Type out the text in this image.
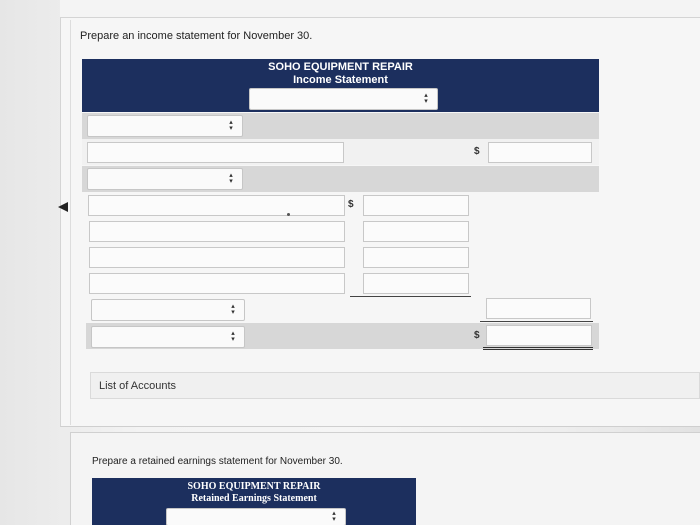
Prepare an income statement for November 30.
SOHO EQUIPMENT REPAIR
Income Statement
▴
▾
▴
▾
$
▴
▾
$
▴
▾
▴
▾	$
List of Accounts
Prepare a retained earnings statement for November 30.
SOHO EQUIPMENT REPAIR
Retained Earnings Statement
▴
▾
